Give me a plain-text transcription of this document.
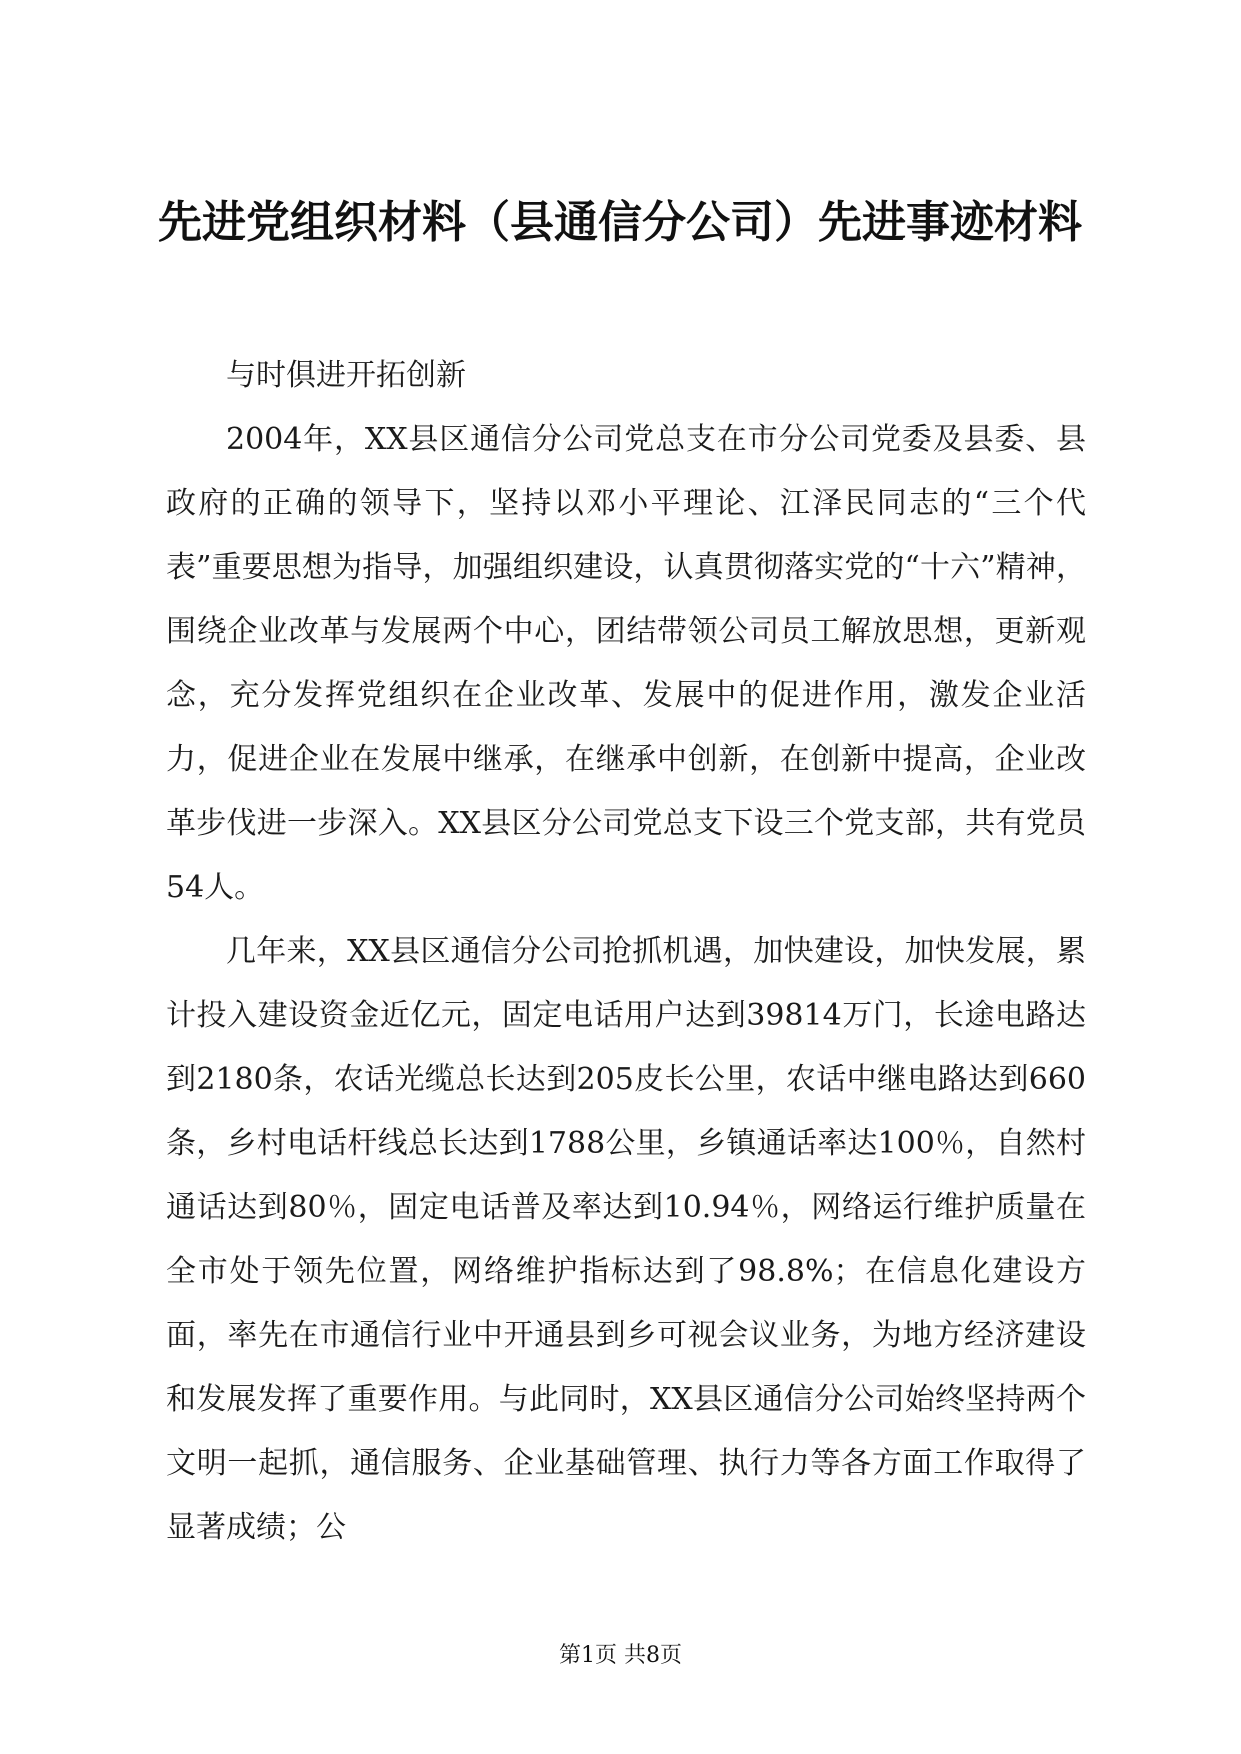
先进党组织材料（县通信分公司）先进事迹材料

与时俱进开拓创新

2004年，XX县区通信分公司党总支在市分公司党委及县委、县政府的正确的领导下，坚持以邓小平理论、江泽民同志的“三个代表”重要思想为指导，加强组织建设，认真贯彻落实党的“十六”精神，围绕企业改革与发展两个中心，团结带领公司员工解放思想，更新观念，充分发挥党组织在企业改革、发展中的促进作用，激发企业活力，促进企业在发展中继承，在继承中创新，在创新中提高，企业改革步伐进一步深入。XX县区分公司党总支下设三个党支部，共有党员54人。

几年来，XX县区通信分公司抢抓机遇，加快建设，加快发展，累计投入建设资金近亿元，固定电话用户达到39814万门，长途电路达到2180条，农话光缆总长达到205皮长公里，农话中继电路达到660条，乡村电话杆线总长达到1788公里，乡镇通话率达100％，自然村通话达到80％，固定电话普及率达到10.94％，网络运行维护质量在全市处于领先位置，网络维护指标达到了98.8%；在信息化建设方面，率先在市通信行业中开通县到乡可视会议业务，为地方经济建设和发展发挥了重要作用。与此同时，XX县区通信分公司始终坚持两个文明一起抓，通信服务、企业基础管理、执行力等各方面工作取得了显著成绩；公

第1页 共8页
